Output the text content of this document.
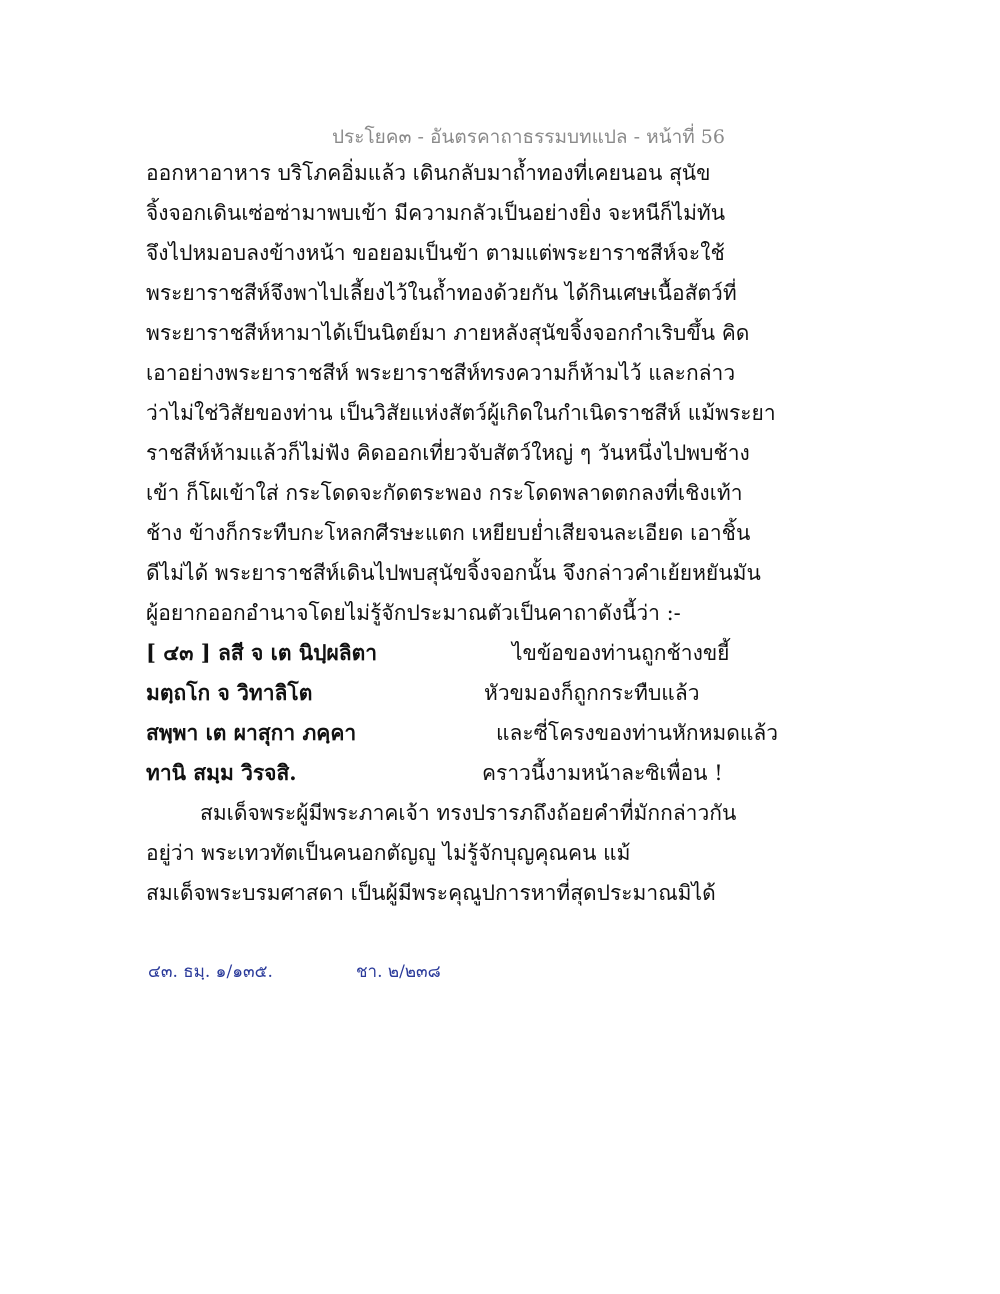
ประโยค๓ - อันตรคาถาธรรมบทแปล - หน้าที่ 56
ออกหาอาหาร บริโภคอิ่มแล้ว เดินกลับมาถ้ำทองที่เคยนอน สุนัข
จิ้งจอกเดินเซ่อซ่ามาพบเข้า มีความกลัวเป็นอย่างยิ่ง จะหนีก็ไม่ทัน
จึงไปหมอบลงข้างหน้า ขอยอมเป็นข้า ตามแต่พระยาราชสีห์จะใช้
พระยาราชสีห์จึงพาไปเลี้ยงไว้ในถ้ำทองด้วยกัน ได้กินเศษเนื้อสัตว์ที่
พระยาราชสีห์หามาได้เป็นนิตย์มา ภายหลังสุนัขจิ้งจอกกำเริบขึ้น คิด
เอาอย่างพระยาราชสีห์ พระยาราชสีห์ทรงความก็ห้ามไว้ และกล่าว
ว่าไม่ใช่วิสัยของท่าน เป็นวิสัยแห่งสัตว์ผู้เกิดในกำเนิดราชสีห์ แม้พระยา
ราชสีห์ห้ามแล้วก็ไม่ฟัง คิดออกเที่ยวจับสัตว์ใหญ่ ๆ วันหนึ่งไปพบช้าง
เข้า ก็โผเข้าใส่ กระโดดจะกัดตระพอง กระโดดพลาดตกลงที่เชิงเท้า
ช้าง ข้างก็กระทืบกะโหลกศีรษะแตก เหยียบย่ำเสียจนละเอียด เอาชิ้น
ดีไม่ได้ พระยาราชสีห์เดินไปพบสุนัขจิ้งจอกนั้น จึงกล่าวคำเย้ยหยันมัน
ผู้อยากออกอำนาจโดยไม่รู้จักประมาณตัวเป็นคาถาดังนี้ว่า :-
[ ๔๓ ] ลสี จ เต นิปฺผลิตา	ไขข้อของท่านถูกช้างขยี้
มตฺถโก จ วิทาลิโต	หัวขมองก็ถูกกระทืบแล้ว
สพฺพา เต ผาสุกา ภคฺคา	และซี่โครงของท่านหักหมดแล้ว
ทานิ สมฺม วิรจสิ.	คราวนี้งามหน้าละซิเพื่อน !
สมเด็จพระผู้มีพระภาคเจ้า ทรงปรารภถึงถ้อยคำที่มักกล่าวกัน
อยู่ว่า พระเทวทัตเป็นคนอกตัญญู ไม่รู้จักบุญคุณคน แม้
สมเด็จพระบรมศาสดา เป็นผู้มีพระคุณูปการหาที่สุดประมาณมิได้
๔๓. ธมฺ. ๑/๑๓๕.	ชา. ๒/๒๓๘
